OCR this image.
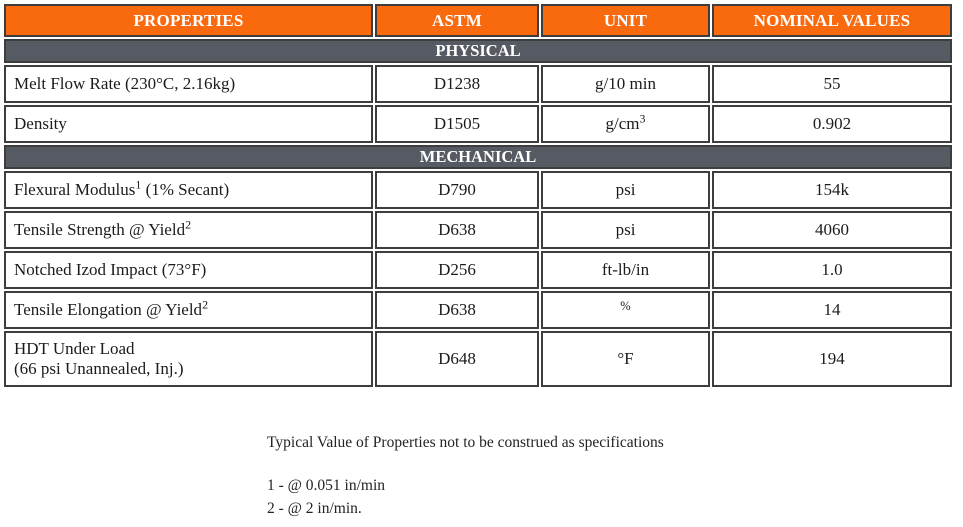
PROPERTIES	ASTM	UNIT	NOMINAL VALUES
PHYSICAL			
Melt Flow Rate (230°C, 2.16kg)	D1238	g/10 min	55
Density	D1505	$g/cm^3$	0.902
MECHANICAL			
Flexural Modulus$^1$ (1% Secant)	D790	psi	154k
Tensile Strength @ Yield$^2$	D638	psi	4060
Notched Izod Impact (73°F)	D256	ft-lb/in	1.0
Tensile Elongation @ Yield$^2$	D638	%	14
HDT Under Load
(66 psi Unannealed, Inj.)	D648	°F	194

Typical Value of Properties not to be construed as specifications

1 - @ 0.051 in/min

2 - @ 2 in/min.
